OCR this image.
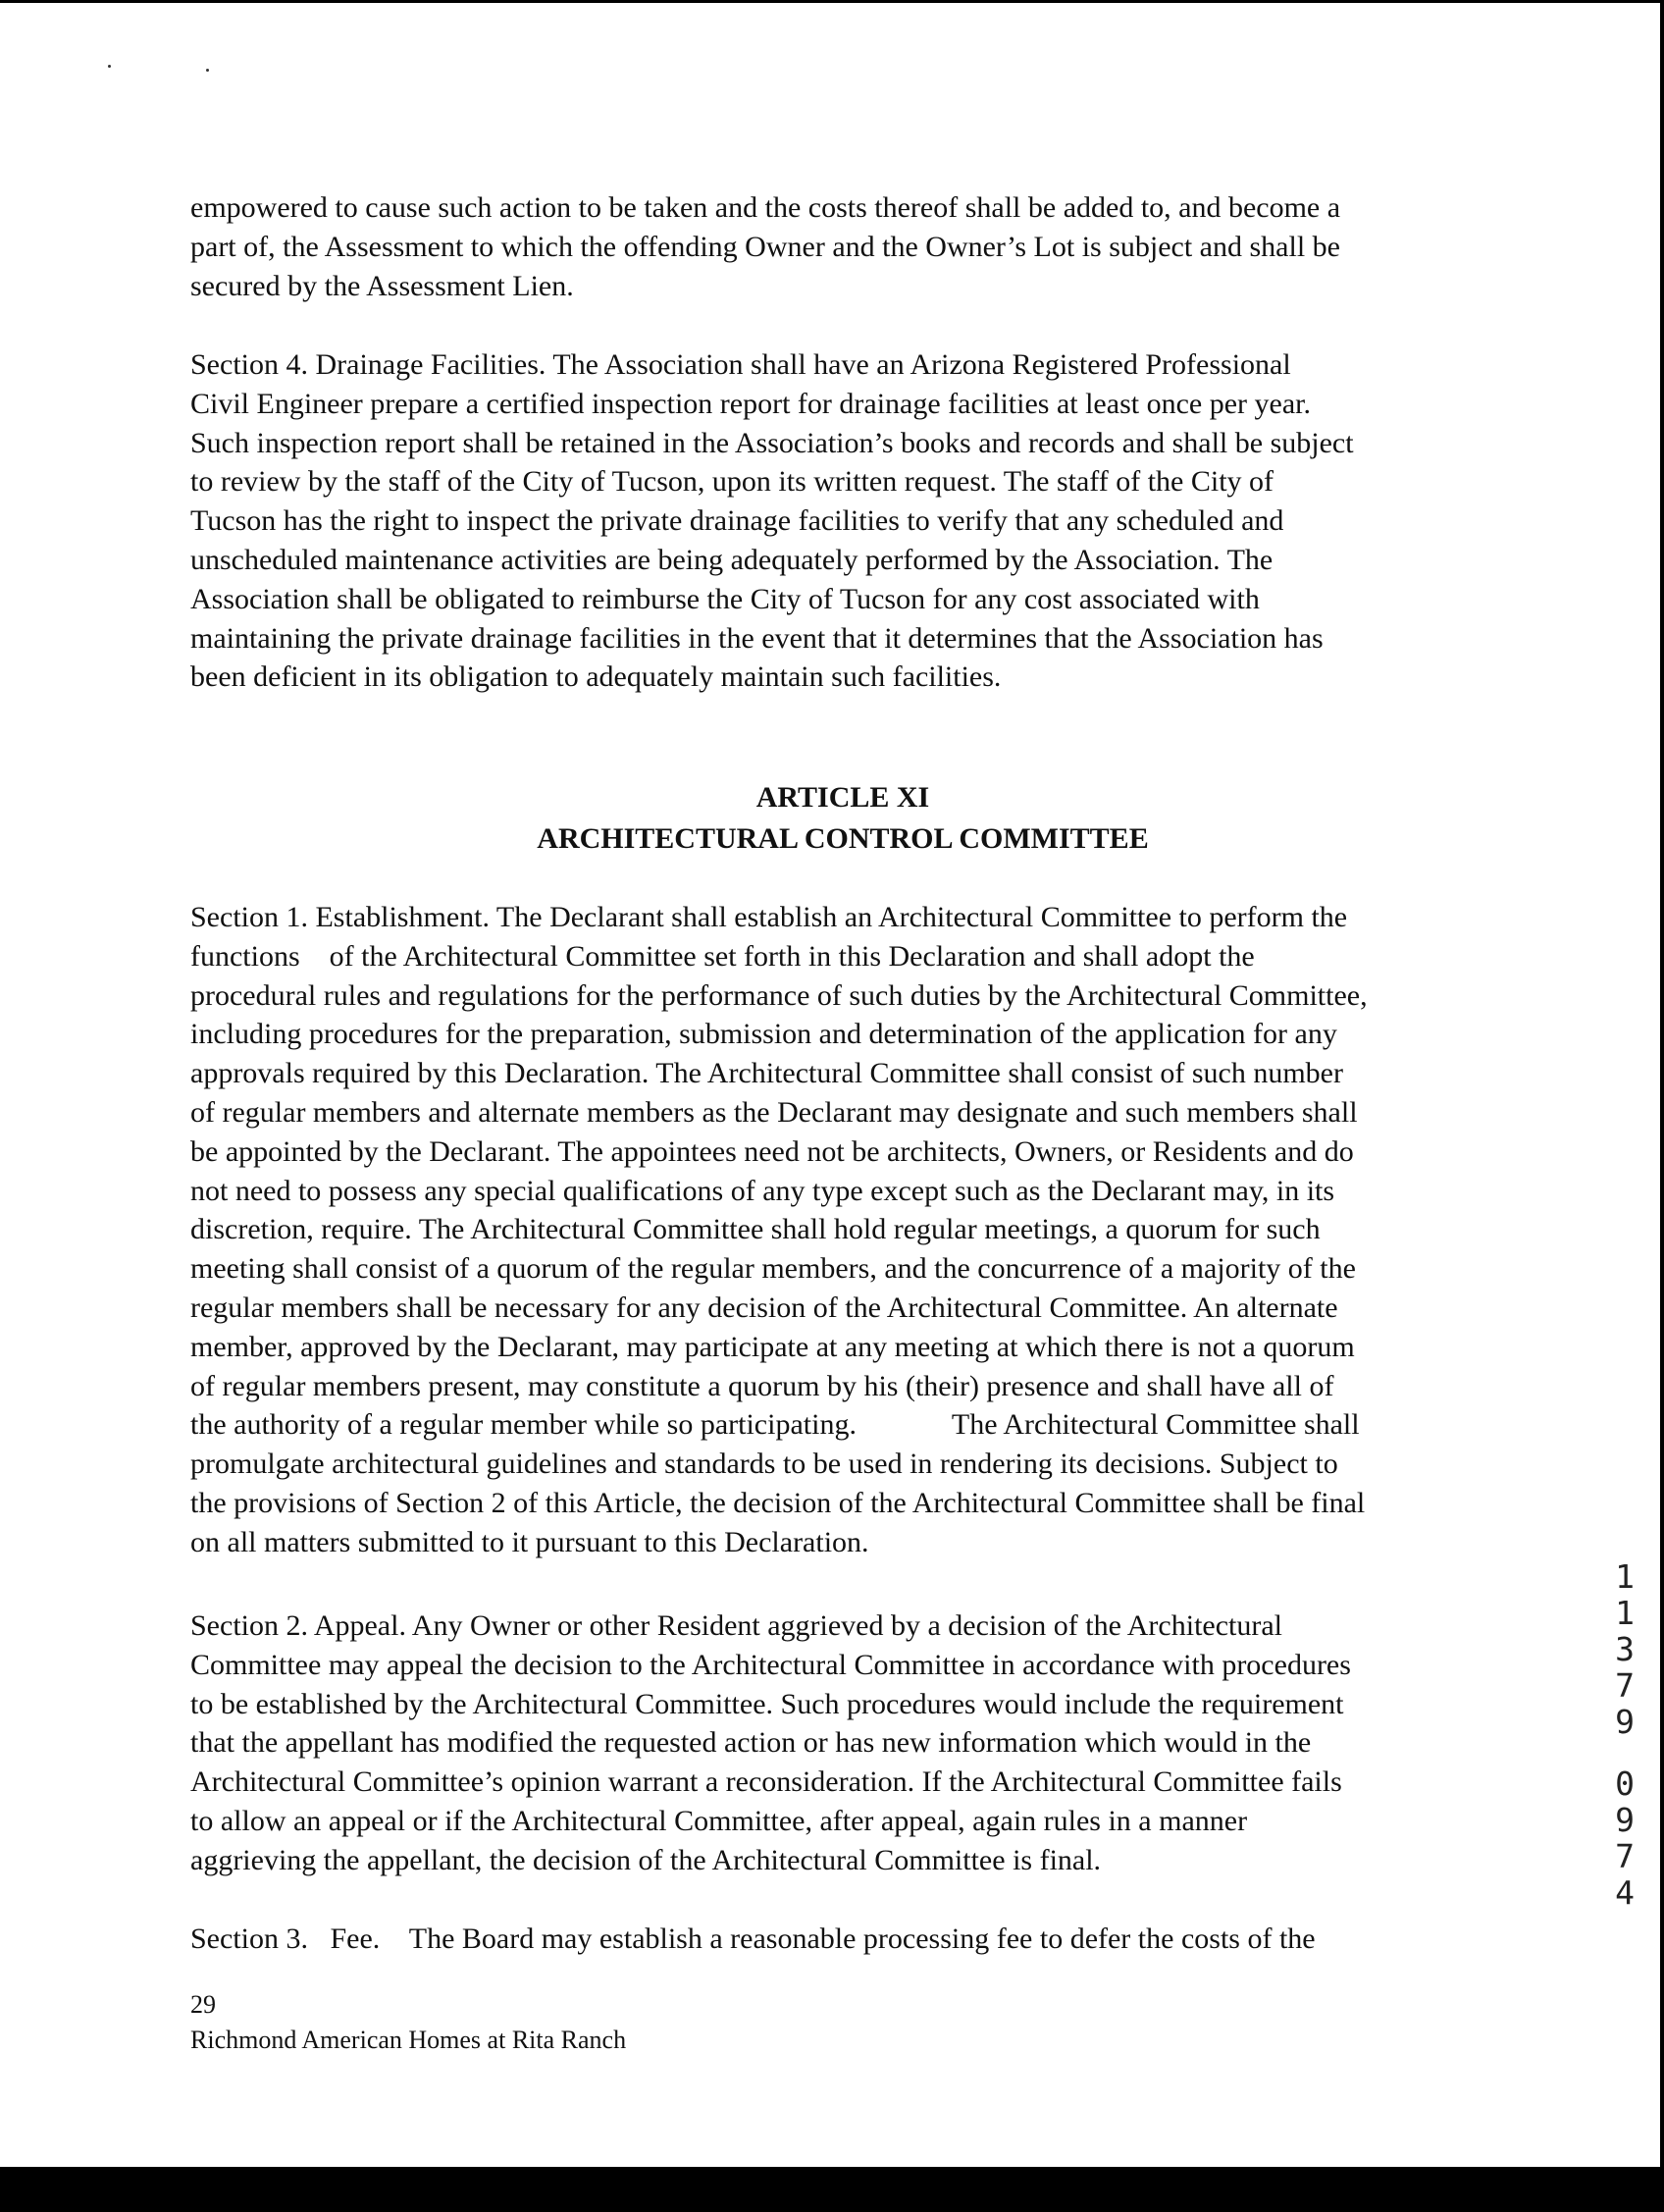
empowered to cause such action to be taken and the costs thereof shall be added to, and become a
part of, the Assessment to which the offending Owner and the Owner’s Lot is subject and shall be
secured by the Assessment Lien.
Section 4. Drainage Facilities. The Association shall have an Arizona Registered Professional
Civil Engineer prepare a certified inspection report for drainage facilities at least once per year.
Such inspection report shall be retained in the Association’s books and records and shall be subject
to review by the staff of the City of Tucson, upon its written request. The staff of the City of
Tucson has the right to inspect the private drainage facilities to verify that any scheduled and
unscheduled maintenance activities are being adequately performed by the Association. The
Association shall be obligated to reimburse the City of Tucson for any cost associated with
maintaining the private drainage facilities in the event that it determines that the Association has
been deficient in its obligation to adequately maintain such facilities.
ARTICLE XI
ARCHITECTURAL CONTROL COMMITTEE
Section 1. Establishment. The Declarant shall establish an Architectural Committee to perform the
functions    of the Architectural Committee set forth in this Declaration and shall adopt the
procedural rules and regulations for the performance of such duties by the Architectural Committee,
including procedures for the preparation, submission and determination of the application for any
approvals required by this Declaration. The Architectural Committee shall consist of such number
of regular members and alternate members as the Declarant may designate and such members shall
be appointed by the Declarant. The appointees need not be architects, Owners, or Residents and do
not need to possess any special qualifications of any type except such as the Declarant may, in its
discretion, require. The Architectural Committee shall hold regular meetings, a quorum for such
meeting shall consist of a quorum of the regular members, and the concurrence of a majority of the
regular members shall be necessary for any decision of the Architectural Committee. An alternate
member, approved by the Declarant, may participate at any meeting at which there is not a quorum
of regular members present, may constitute a quorum by his (their) presence and shall have all of
the authority of a regular member while so participating.             The Architectural Committee shall
promulgate architectural guidelines and standards to be used in rendering its decisions. Subject to
the provisions of Section 2 of this Article, the decision of the Architectural Committee shall be final
on all matters submitted to it pursuant to this Declaration.
Section 2. Appeal. Any Owner or other Resident aggrieved by a decision of the Architectural
Committee may appeal the decision to the Architectural Committee in accordance with procedures
to be established by the Architectural Committee. Such procedures would include the requirement
that the appellant has modified the requested action or has new information which would in the
Architectural Committee’s opinion warrant a reconsideration. If the Architectural Committee fails
to allow an appeal or if the Architectural Committee, after appeal, again rules in a manner
aggrieving the appellant, the decision of the Architectural Committee is final.
Section 3.   Fee.    The Board may establish a reasonable processing fee to defer the costs of the
29
Richmond American Homes at Rita Ranch
1
1
3
7
9
0
9
7
4
